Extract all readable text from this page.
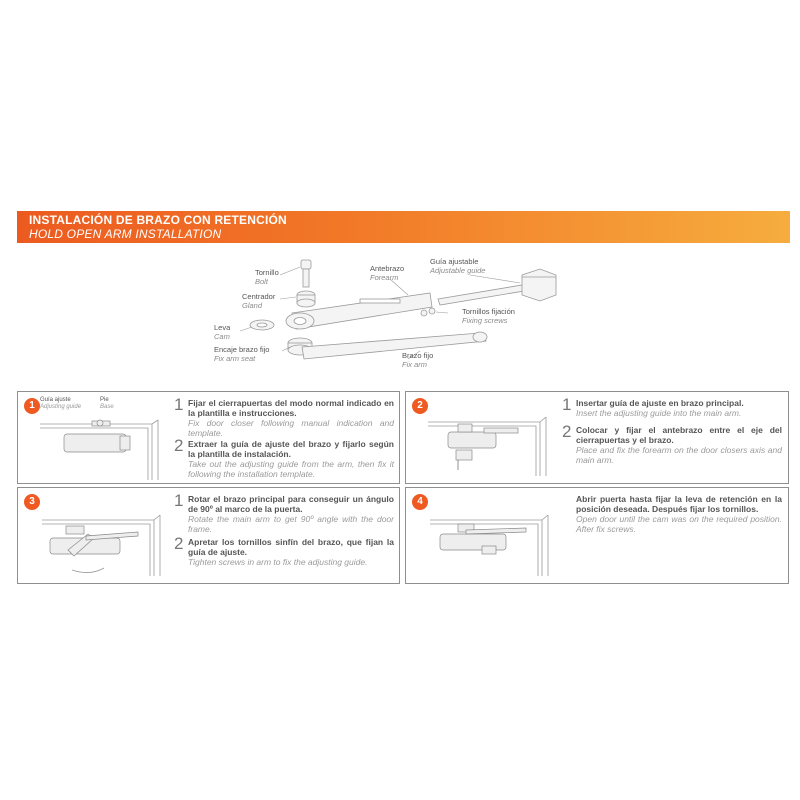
INSTALACIÓN DE BRAZO CON RETENCIÓN
HOLD OPEN ARM INSTALLATION
Tornillo
Bolt
Centrador
Gland
Leva
Cam
Encaje brazo fijo
Fix arm seat
Antebrazo
Forearm
Guía ajustable
Adjustable guide
Tornillos fijación
Fixing screws
Brazo fijo
Fix arm
1 Guía ajuste
Adjusting guide
Pie
Base	1 Fijar el cierrapuertas del modo normal indicado en la plantilla e instrucciones.
Fix door closer following manual indication and template.
2 Extraer la guía de ajuste del brazo y fijarlo según la plantilla de instalación.
Take out the adjusting guide from the arm, then fix it following the installation template.
2	1 Insertar guía de ajuste en brazo principal.
Insert the adjusting guide into the main arm.
2 Colocar y fijar el antebrazo entre el eje del cierrapuertas y el brazo.
Place and fix the forearm on the door closers axis and main arm.
3	1 Rotar el brazo principal para conseguir un ángulo de 90º al marco de la puerta.
Rotate the main arm to get 90º angle with the door frame.
2 Apretar los tornillos sinfín del brazo, que fijan la guía de ajuste.
Tighten screws in arm to fix the adjusting guide.
4	Abrir puerta hasta fijar la leva de retención en la posición deseada. Después fijar los tornillos.
Open door until the cam was on the required position. After fix screws.
